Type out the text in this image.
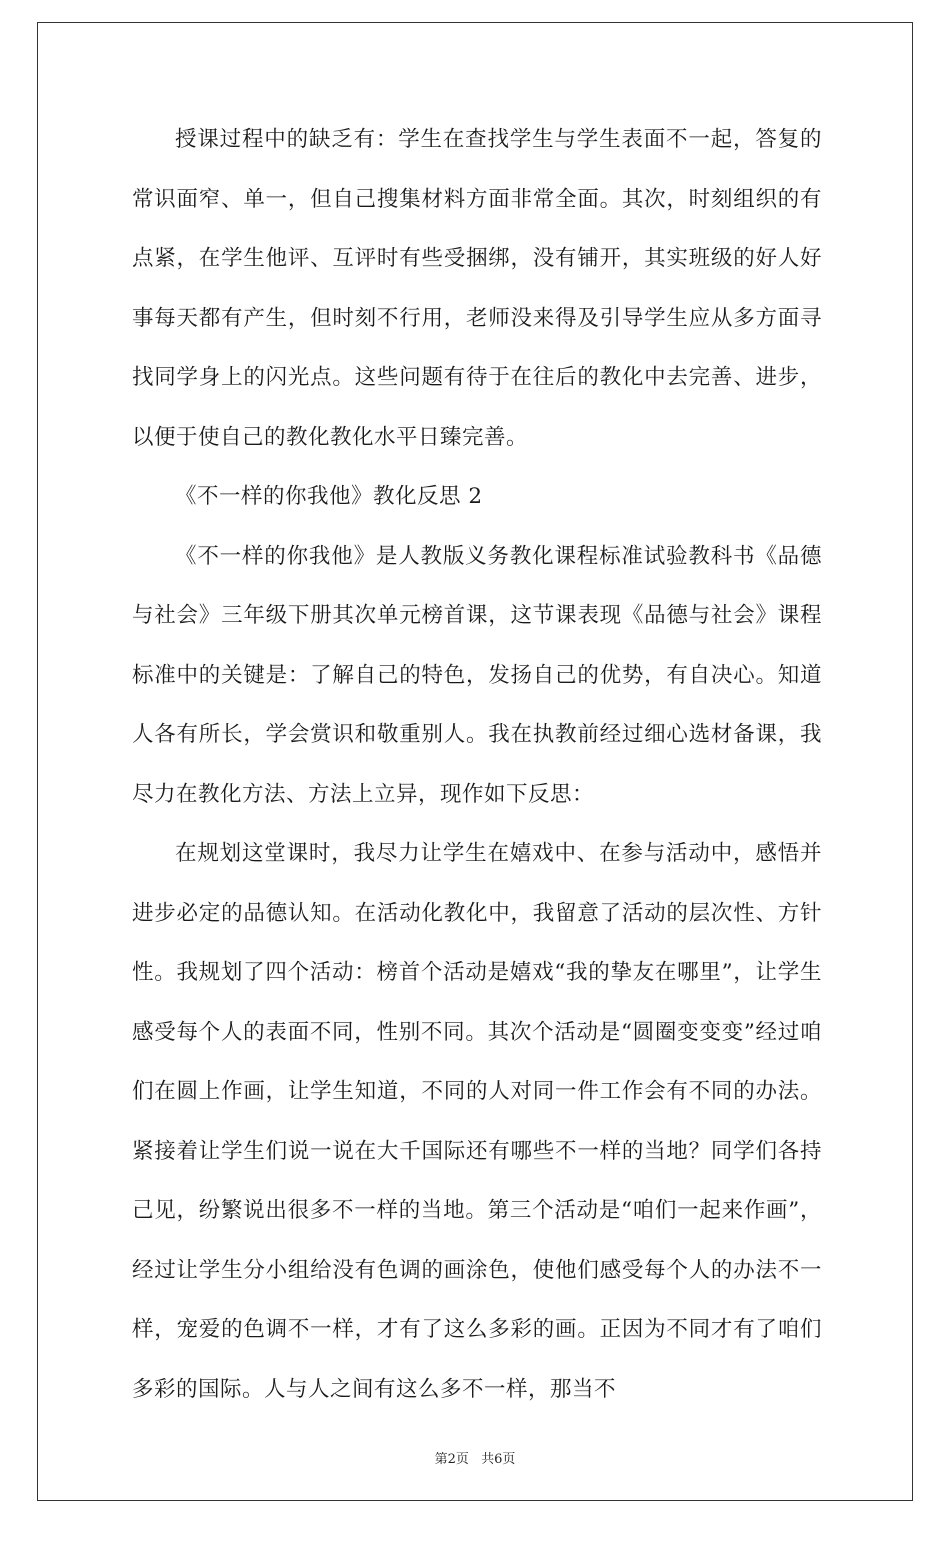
授课过程中的缺乏有：学生在查找学生与学生表面不一起，答复的常识面窄、单一，但自己搜集材料方面非常全面。其次，时刻组织的有点紧，在学生他评、互评时有些受捆绑，没有铺开，其实班级的好人好事每天都有产生，但时刻不行用，老师没来得及引导学生应从多方面寻找同学身上的闪光点。这些问题有待于在往后的教化中去完善、进步，以便于使自己的教化教化水平日臻完善。

《不一样的你我他》教化反思 2

《不一样的你我他》是人教版义务教化课程标准试验教科书《品德与社会》三年级下册其次单元榜首课，这节课表现《品德与社会》课程标准中的关键是：了解自己的特色，发扬自己的优势，有自决心。知道人各有所长，学会赏识和敬重别人。我在执教前经过细心选材备课，我尽力在教化方法、方法上立异，现作如下反思：

在规划这堂课时，我尽力让学生在嬉戏中、在参与活动中，感悟并进步必定的品德认知。在活动化教化中，我留意了活动的层次性、方针性。我规划了四个活动：榜首个活动是嬉戏“我的挚友在哪里”，让学生感受每个人的表面不同，性别不同。其次个活动是“圆圈变变变”经过咱们在圆上作画，让学生知道，不同的人对同一件工作会有不同的办法。紧接着让学生们说一说在大千国际还有哪些不一样的当地？同学们各持己见，纷繁说出很多不一样的当地。第三个活动是“咱们一起来作画”，经过让学生分小组给没有色调的画涂色，使他们感受每个人的办法不一样，宠爱的色调不一样，才有了这么多彩的画。正因为不同才有了咱们多彩的国际。人与人之间有这么多不一样，那当不

第2页 共6页
